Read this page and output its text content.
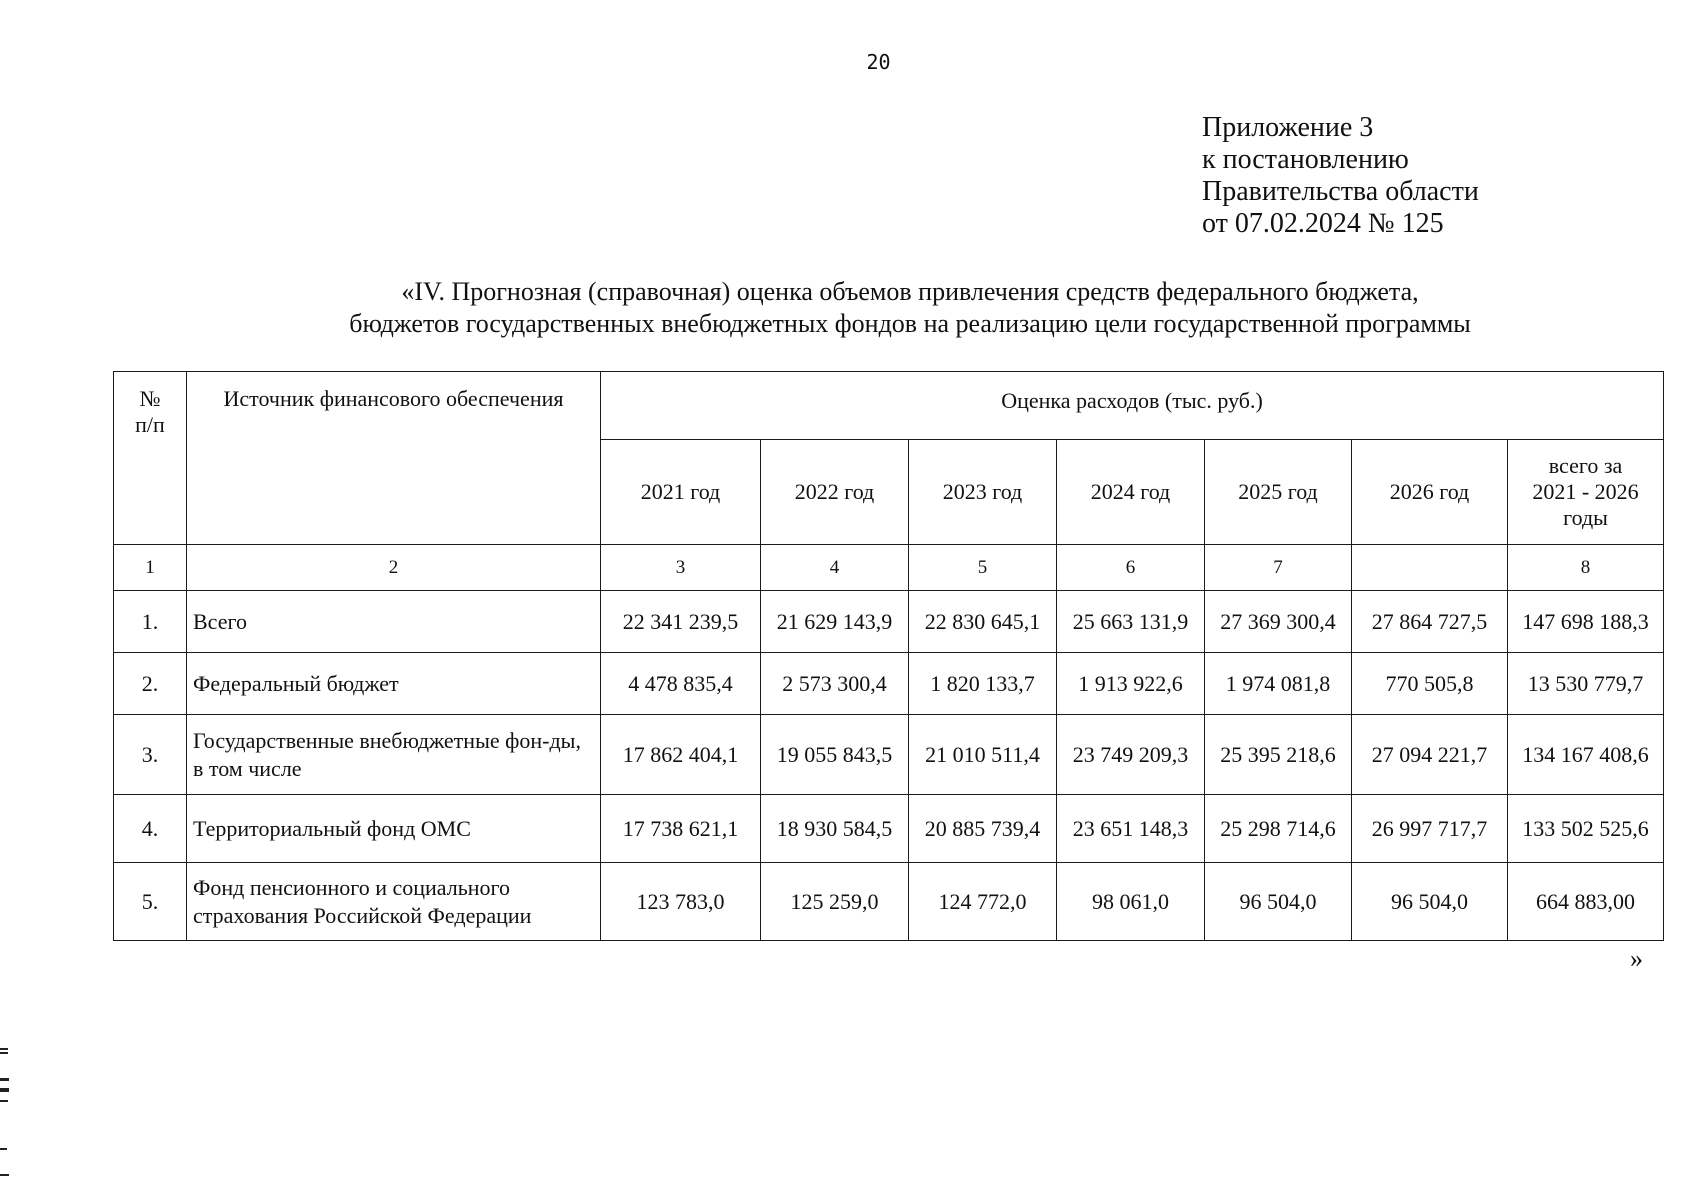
20
Приложение 3
к постановлению
Правительства области
от 07.02.2024 № 125
«IV. Прогнозная (справочная) оценка объемов привлечения средств федерального бюджета,
бюджетов государственных внебюджетных фондов на реализацию цели государственной программы
№ п/п	Источник финансового обеспечения	Оценка расходов (тыс. руб.)						
		2021 год	2022 год	2023 год	2024 год	2025 год	2026 год	всего за 2021 - 2026 годы

1	2	3	4	5	6	7		8
1.	Всего	22 341 239,5	21 629 143,9	22 830 645,1	25 663 131,9	27 369 300,4	27 864 727,5	147 698 188,3
2.	Федеральный бюджет	4 478 835,4	2 573 300,4	1 820 133,7	1 913 922,6	1 974 081,8	770 505,8	13 530 779,7
3.	Государственные внебюджетные фон-ды, в том числе	17 862 404,1	19 055 843,5	21 010 511,4	23 749 209,3	25 395 218,6	27 094 221,7	134 167 408,6
4.	Территориальный фонд ОМС	17 738 621,1	18 930 584,5	20 885 739,4	23 651 148,3	25 298 714,6	26 997 717,7	133 502 525,6
5.	Фонд пенсионного и социального страхования Российской Федерации	123 783,0	125 259,0	124 772,0	98 061,0	96 504,0	96 504,0	664 883,00
»
